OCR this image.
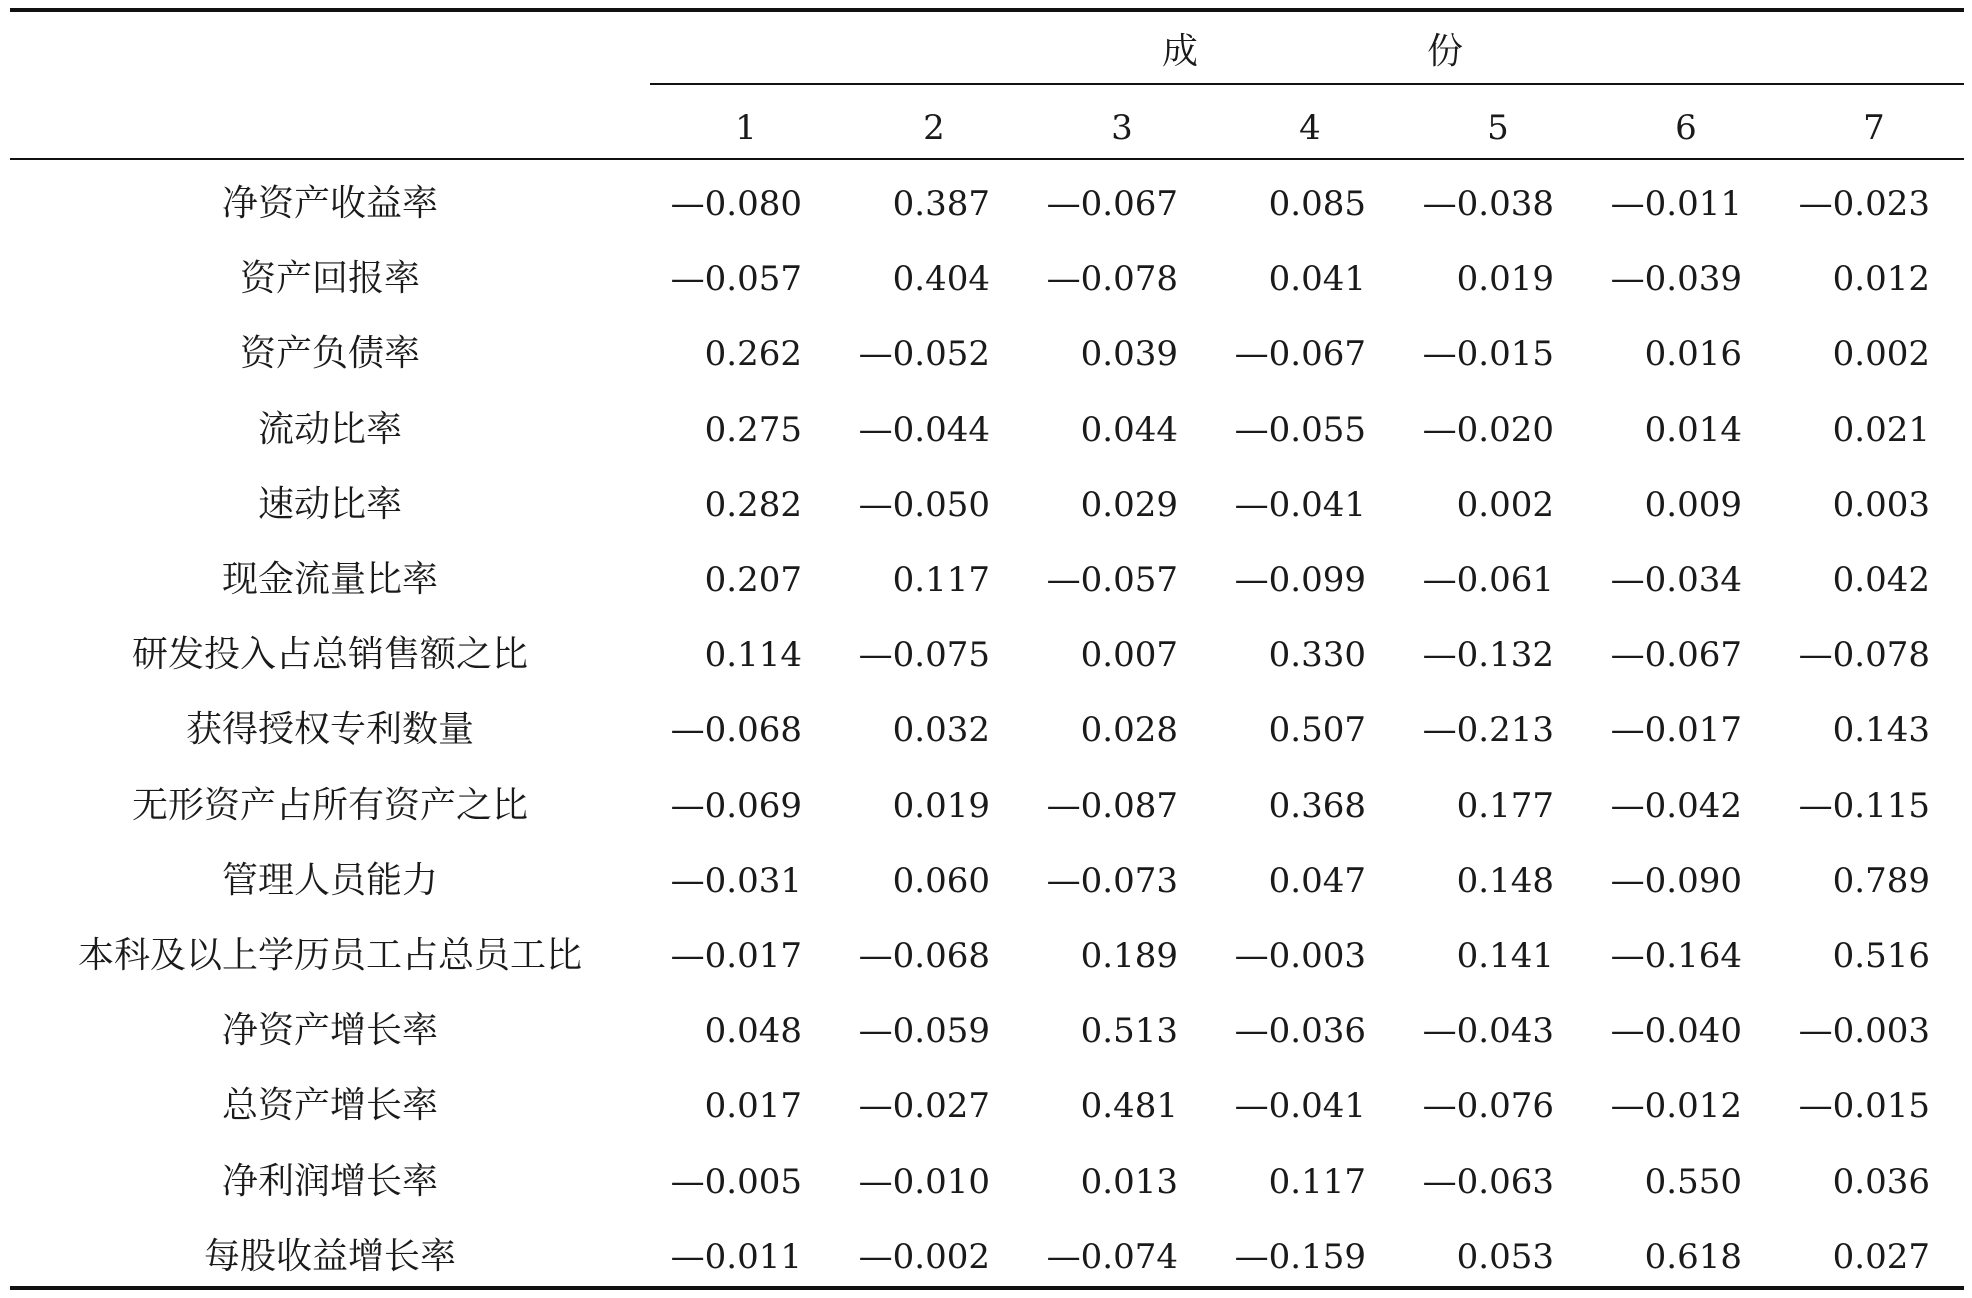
成	份
1	2	3	4	5	6	7
净资产收益率	—0.080	0.387	—0.067	0.085	—0.038	—0.011	—0.023
资产回报率	—0.057	0.404	—0.078	0.041	0.019	—0.039	0.012
资产负债率	0.262	—0.052	0.039	—0.067	—0.015	0.016	0.002
流动比率	0.275	—0.044	0.044	—0.055	—0.020	0.014	0.021
速动比率	0.282	—0.050	0.029	—0.041	0.002	0.009	0.003
现金流量比率	0.207	0.117	—0.057	—0.099	—0.061	—0.034	0.042
研发投入占总销售额之比	0.114	—0.075	0.007	0.330	—0.132	—0.067	—0.078
获得授权专利数量	—0.068	0.032	0.028	0.507	—0.213	—0.017	0.143
无形资产占所有资产之比	—0.069	0.019	—0.087	0.368	0.177	—0.042	—0.115
管理人员能力	—0.031	0.060	—0.073	0.047	0.148	—0.090	0.789
本科及以上学历员工占总员工比	—0.017	—0.068	0.189	—0.003	0.141	—0.164	0.516
净资产增长率	0.048	—0.059	0.513	—0.036	—0.043	—0.040	—0.003
总资产增长率	0.017	—0.027	0.481	—0.041	—0.076	—0.012	—0.015
净利润增长率	—0.005	—0.010	0.013	0.117	—0.063	0.550	0.036
每股收益增长率	—0.011	—0.002	—0.074	—0.159	0.053	0.618	0.027
